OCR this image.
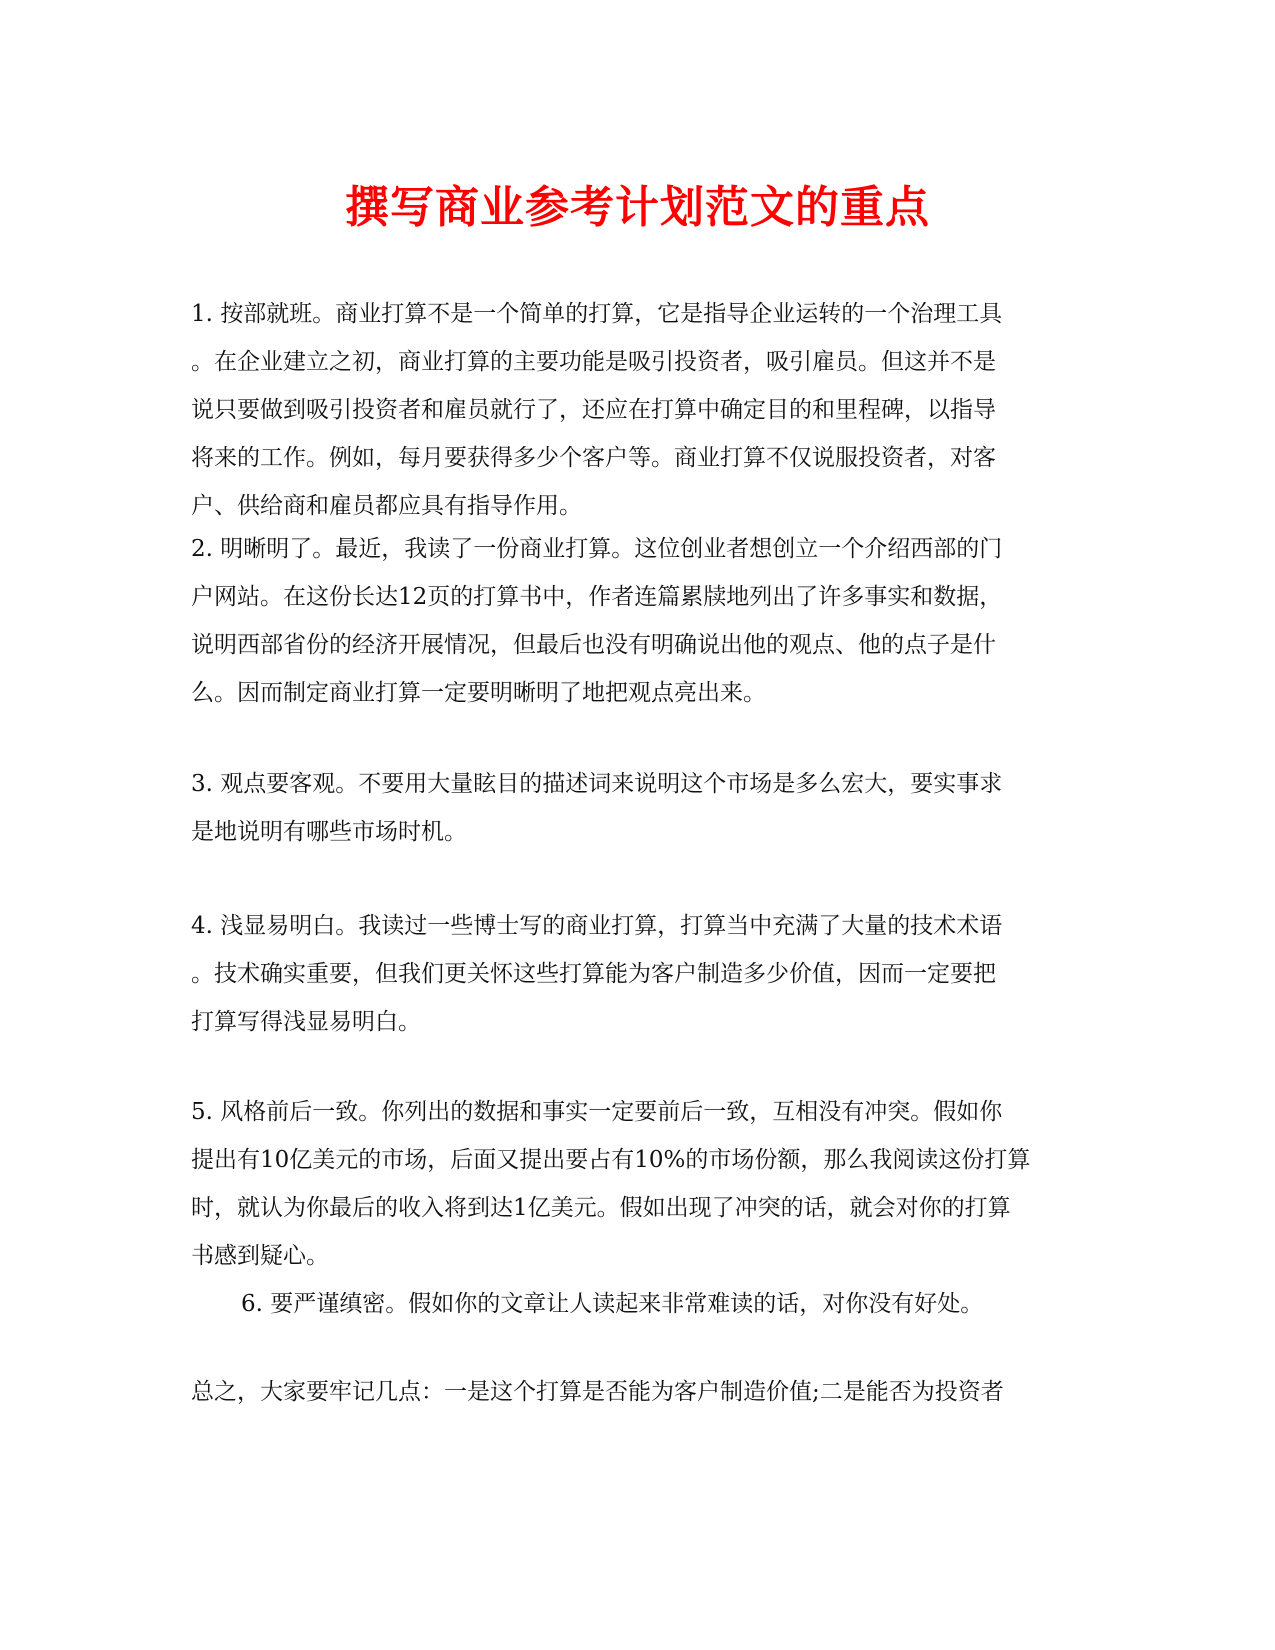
撰写商业参考计划范文的重点
1. 按部就班。商业打算不是一个简单的打算，它是指导企业运转的一个治理工具
。在企业建立之初，商业打算的主要功能是吸引投资者，吸引雇员。但这并不是
说只要做到吸引投资者和雇员就行了，还应在打算中确定目的和里程碑，以指导
将来的工作。例如，每月要获得多少个客户等。商业打算不仅说服投资者，对客
户、供给商和雇员都应具有指导作用。
2. 明晰明了。最近，我读了一份商业打算。这位创业者想创立一个介绍西部的门
户网站。在这份长达12页的打算书中，作者连篇累牍地列出了许多事实和数据，
说明西部省份的经济开展情况，但最后也没有明确说出他的观点、他的点子是什
么。因而制定商业打算一定要明晰明了地把观点亮出来。
3. 观点要客观。不要用大量眩目的描述词来说明这个市场是多么宏大，要实事求
是地说明有哪些市场时机。
4. 浅显易明白。我读过一些博士写的商业打算，打算当中充满了大量的技术术语
。技术确实重要，但我们更关怀这些打算能为客户制造多少价值，因而一定要把
打算写得浅显易明白。
5. 风格前后一致。你列出的数据和事实一定要前后一致，互相没有冲突。假如你
提出有10亿美元的市场，后面又提出要占有10%的市场份额，那么我阅读这份打算
时，就认为你最后的收入将到达1亿美元。假如出现了冲突的话，就会对你的打算
书感到疑心。
6. 要严谨缜密。假如你的文章让人读起来非常难读的话，对你没有好处。
总之，大家要牢记几点：一是这个打算是否能为客户制造价值;二是能否为投资者
